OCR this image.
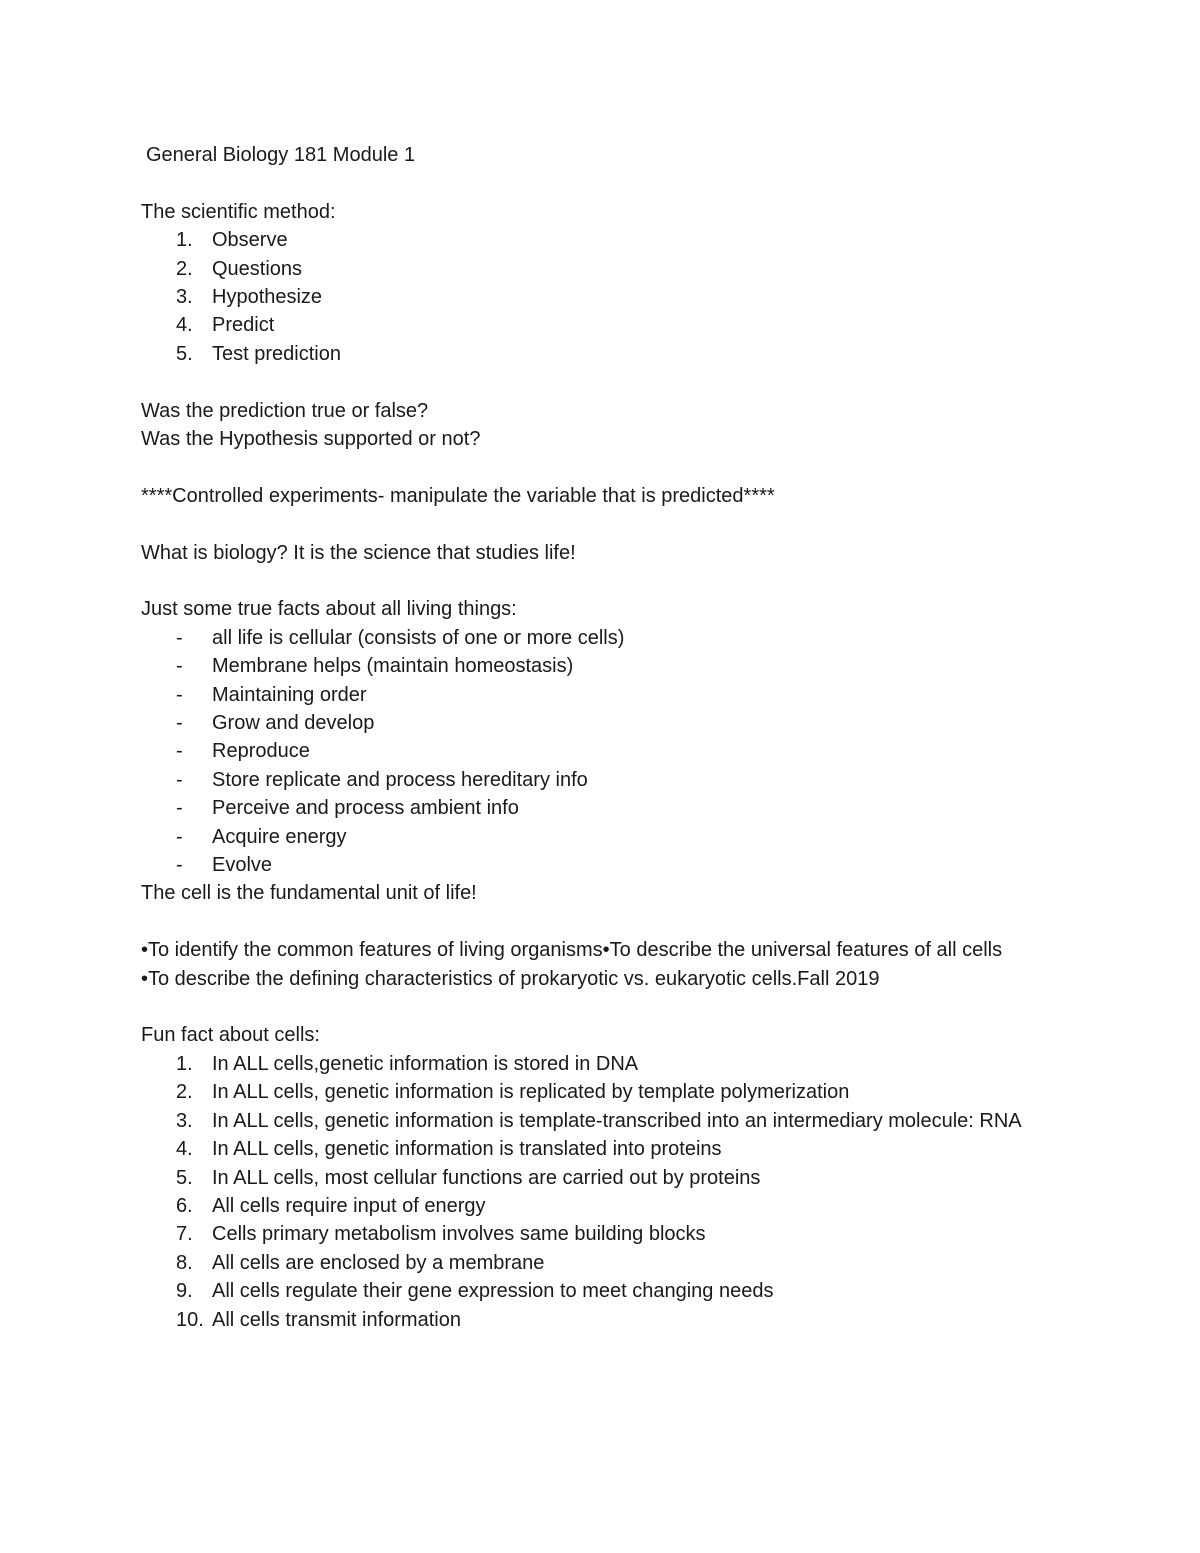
General Biology 181 Module 1
The scientific method:
1. Observe
2. Questions
3. Hypothesize
4. Predict
5. Test prediction
Was the prediction true or false?
Was the Hypothesis supported or not?
****Controlled experiments- manipulate the variable that is predicted****
What is biology? It is the science that studies life!
Just some true facts about all living things:
- all life is cellular (consists of one or more cells)
- Membrane helps (maintain homeostasis)
- Maintaining order
- Grow and develop
- Reproduce
- Store replicate and process hereditary info
- Perceive and process ambient info
- Acquire energy
- Evolve
The cell is the fundamental unit of life!
•To identify the common features of living organisms•To describe the universal features of all cells
•To describe the defining characteristics of prokaryotic vs. eukaryotic cells.Fall 2019
Fun fact about cells:
1. In ALL cells,genetic information is stored in DNA
2. In ALL cells, genetic information is replicated by template polymerization
3. In ALL cells, genetic information is template-transcribed into an intermediary molecule: RNA
4. In ALL cells, genetic information is translated into proteins
5. In ALL cells, most cellular functions are carried out by proteins
6. All cells require input of energy
7. Cells primary metabolism involves same building blocks
8. All cells are enclosed by a membrane
9. All cells regulate their gene expression to meet changing needs
10. All cells transmit information
